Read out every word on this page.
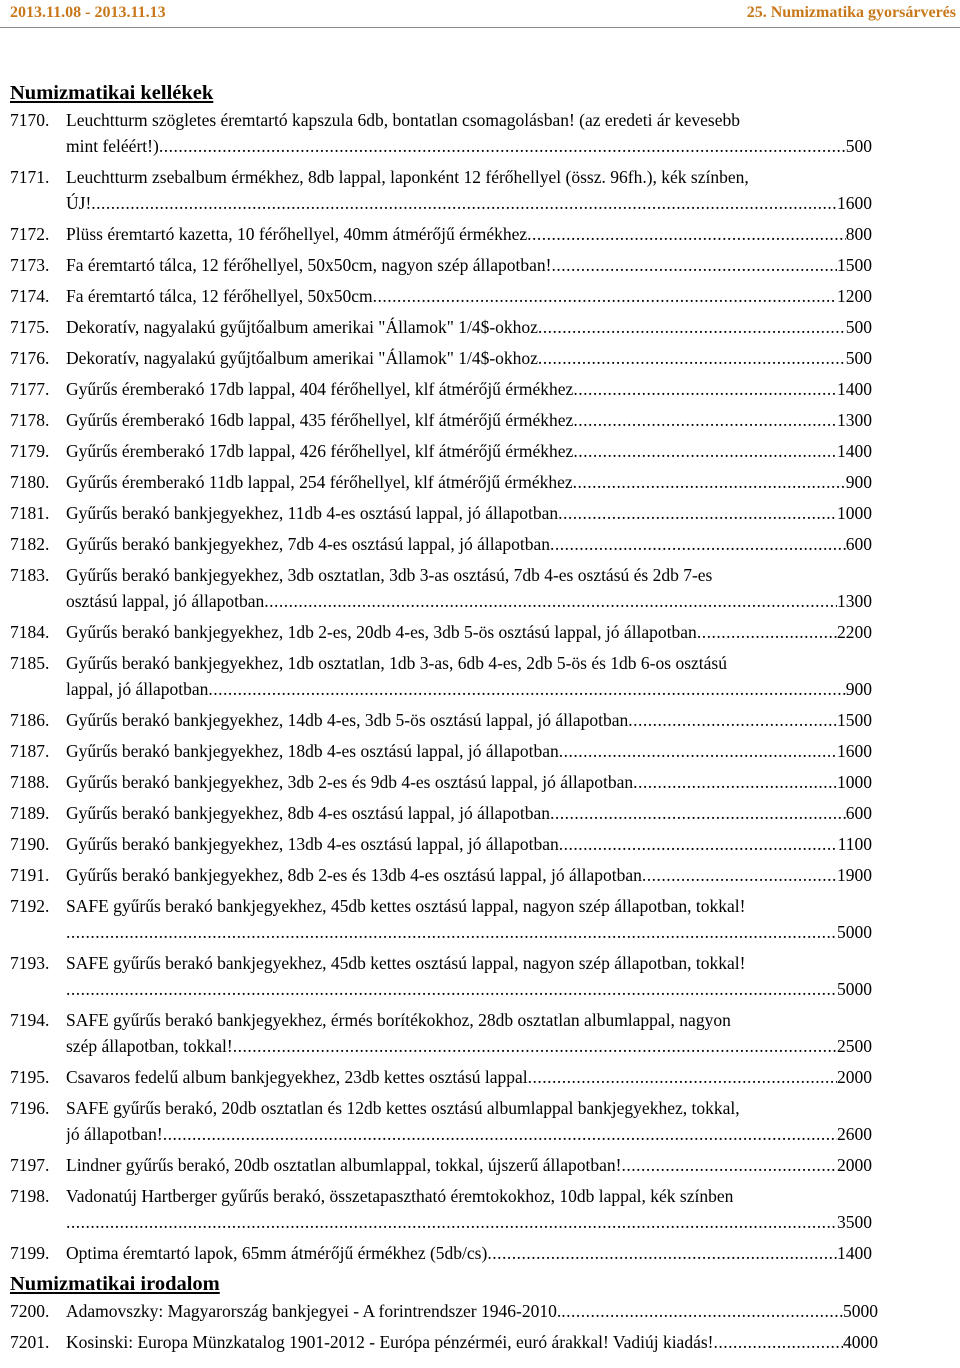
2013.11.08 - 2013.11.13	25. Numizmatika gyorsárverés
Numizmatikai kellékek
7170. Leuchtturm szögletes éremtartó kapszula 6db, bontatlan csomagolásban! (az eredeti ár kevesebb
mint feléért!) .....	500
7171. Leuchtturm zsebalbum érmékhez, 8db lappal, laponként 12 férőhellyel (össz. 96fh.), kék színben,
ÚJ! .....	1600
7172. Plüss éremtartó kazetta, 10 férőhellyel, 40mm átmérőjű érmékhez .....	800
7173. Fa éremtartó tálca, 12 férőhellyel, 50x50cm, nagyon szép állapotban! .....	1500
7174. Fa éremtartó tálca, 12 férőhellyel, 50x50cm .....	1200
7175. Dekoratív, nagyalakú gyűjtőalbum amerikai "Államok" 1/4$-okhoz .....	500
7176. Dekoratív, nagyalakú gyűjtőalbum amerikai "Államok" 1/4$-okhoz .....	500
7177. Gyűrűs éremberakó 17db lappal, 404 férőhellyel, klf átmérőjű érmékhez .....	1400
7178. Gyűrűs éremberakó 16db lappal, 435 férőhellyel, klf átmérőjű érmékhez .....	1300
7179. Gyűrűs éremberakó 17db lappal, 426 férőhellyel, klf átmérőjű érmékhez .....	1400
7180. Gyűrűs éremberakó 11db lappal, 254 férőhellyel, klf átmérőjű érmékhez .....	900
7181. Gyűrűs berakó bankjegyekhez, 11db 4-es osztású lappal, jó állapotban .....	1000
7182. Gyűrűs berakó bankjegyekhez, 7db 4-es osztású lappal, jó állapotban .....	600
7183. Gyűrűs berakó bankjegyekhez, 3db osztatlan, 3db 3-as osztású, 7db 4-es osztású és 2db 7-es
osztású lappal, jó állapotban .....	1300
7184. Gyűrűs berakó bankjegyekhez, 1db 2-es, 20db 4-es, 3db 5-ös osztású lappal, jó állapotban .....	2200
7185. Gyűrűs berakó bankjegyekhez, 1db osztatlan, 1db 3-as, 6db 4-es, 2db 5-ös és 1db 6-os osztású
lappal, jó állapotban .....	900
7186. Gyűrűs berakó bankjegyekhez, 14db 4-es, 3db 5-ös osztású lappal, jó állapotban .....	1500
7187. Gyűrűs berakó bankjegyekhez, 18db 4-es osztású lappal, jó állapotban .....	1600
7188. Gyűrűs berakó bankjegyekhez, 3db 2-es és 9db 4-es osztású lappal, jó állapotban .....	1000
7189. Gyűrűs berakó bankjegyekhez, 8db 4-es osztású lappal, jó állapotban .....	600
7190. Gyűrűs berakó bankjegyekhez, 13db 4-es osztású lappal, jó állapotban .....	1100
7191. Gyűrűs berakó bankjegyekhez, 8db 2-es és 13db 4-es osztású lappal, jó állapotban .....	1900
7192. SAFE gyűrűs berakó bankjegyekhez, 45db kettes osztású lappal, nagyon szép állapotban, tokkal!
.....
5000
7193. SAFE gyűrűs berakó bankjegyekhez, 45db kettes osztású lappal, nagyon szép állapotban, tokkal!
.....
5000
7194. SAFE gyűrűs berakó bankjegyekhez, érmés borítékokhoz, 28db osztatlan albumlappal, nagyon
szép állapotban, tokkal! .....	2500
7195. Csavaros fedelű album bankjegyekhez, 23db kettes osztású lappal .....	2000
7196. SAFE gyűrűs berakó, 20db osztatlan és 12db kettes osztású albumlappal bankjegyekhez, tokkal,
jó állapotban! .....	2600
7197. Lindner gyűrűs berakó, 20db osztatlan albumlappal, tokkal, újszerű állapotban! .....	2000
7198. Vadonatúj Hartberger gyűrűs berakó, összetapasztható éremtokokhoz, 10db lappal, kék színben
.....
3500
7199. Optima éremtartó lapok, 65mm átmérőjű érmékhez (5db/cs) .....	1400
Numizmatikai irodalom
7200. Adamovszky: Magyarország bankjegyei - A forintrendszer 1946-2010. .....	5000
7201. Kosinski: Europa Münzkatalog 1901-2012 - Európa pénzérméi, euró árakkal! Vadiúj kiadás! .....	4000
